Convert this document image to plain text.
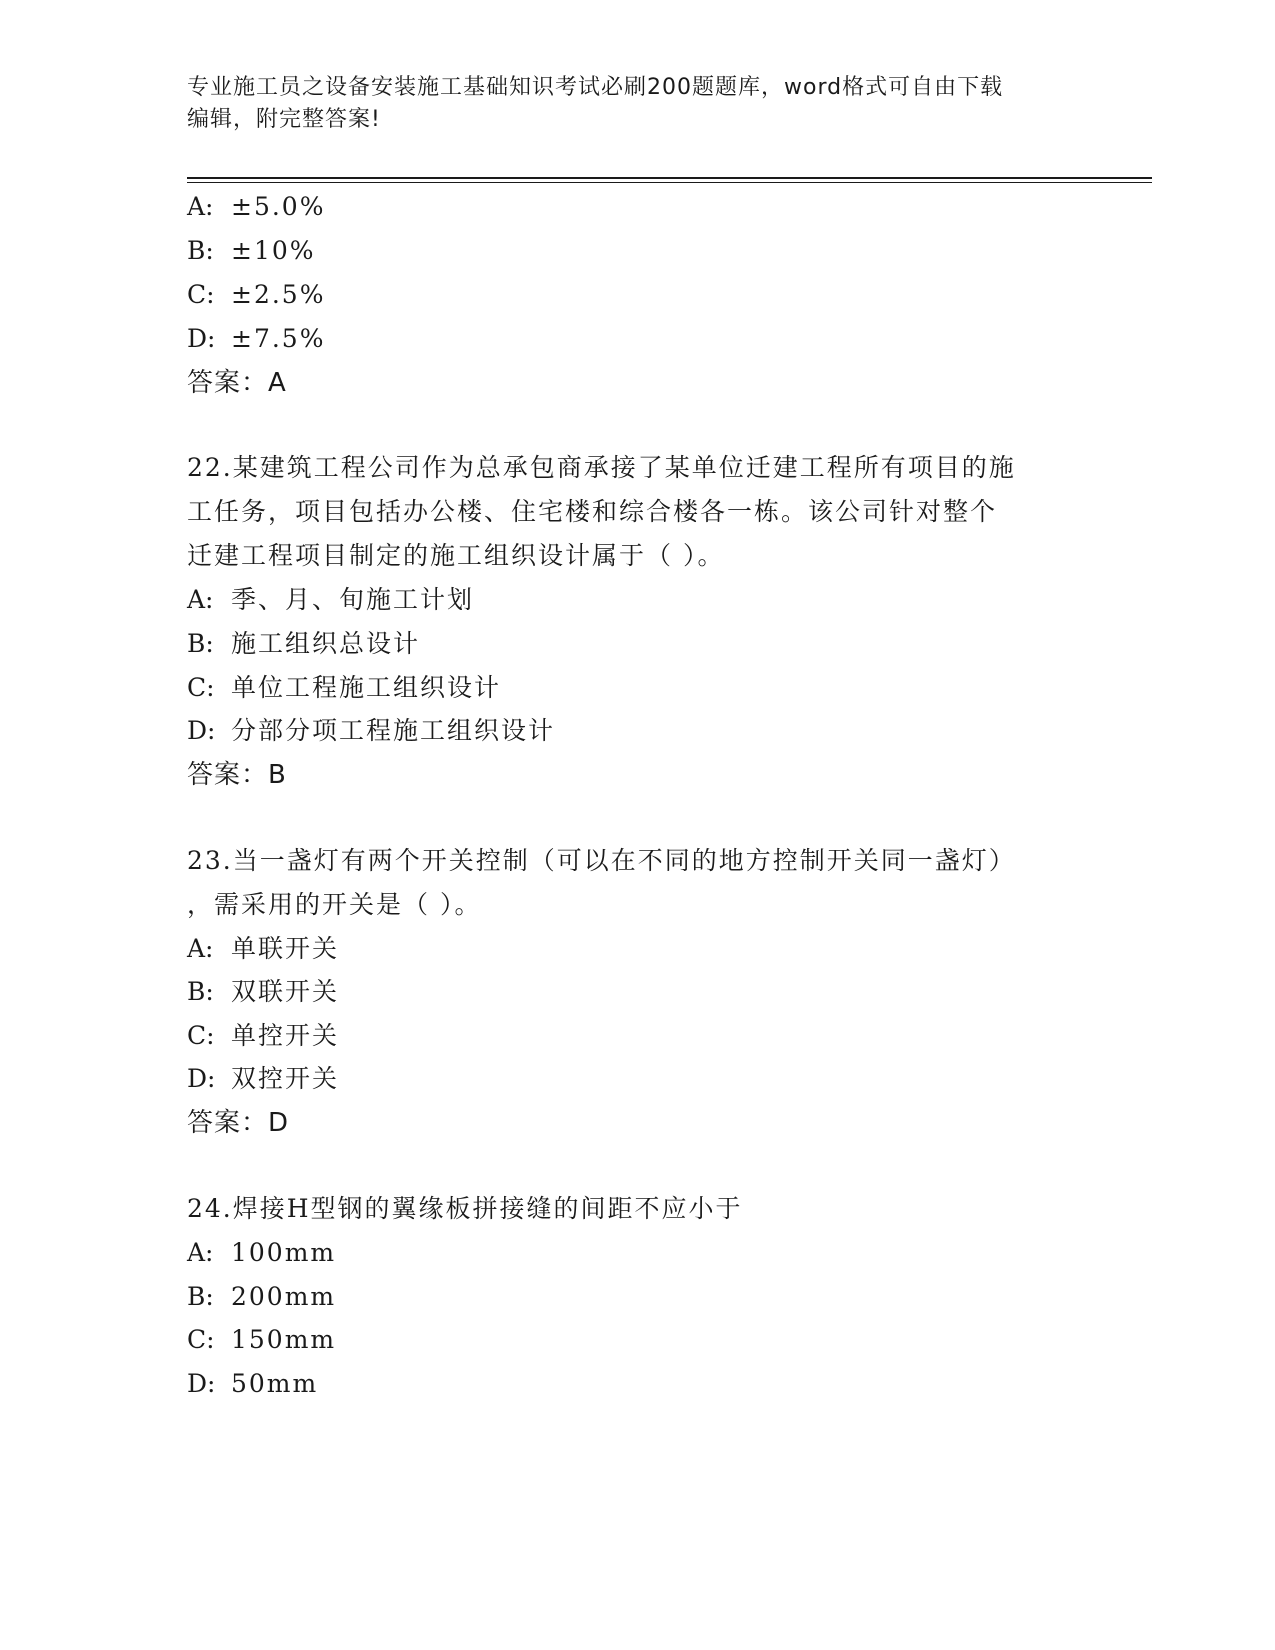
专业施工员之设备安装施工基础知识考试必刷200题题库，word格式可自由下载
编辑，附完整答案!
A: ±5.0%
B: ±10%
C: ±2.5%
D: ±7.5%
答案：A
22.某建筑工程公司作为总承包商承接了某单位迁建工程所有项目的施
工任务，项目包括办公楼、住宅楼和综合楼各一栋。该公司针对整个
迁建工程项目制定的施工组织设计属于（ ）。
A: 季、月、旬施工计划
B: 施工组织总设计
C: 单位工程施工组织设计
D: 分部分项工程施工组织设计
答案：B
23.当一盏灯有两个开关控制（可以在不同的地方控制开关同一盏灯）
，需采用的开关是（ ）。
A: 单联开关
B: 双联开关
C: 单控开关
D: 双控开关
答案：D
24.焊接H型钢的翼缘板拼接缝的间距不应小于
A: 100mm
B: 200mm
C: 150mm
D: 50mm
